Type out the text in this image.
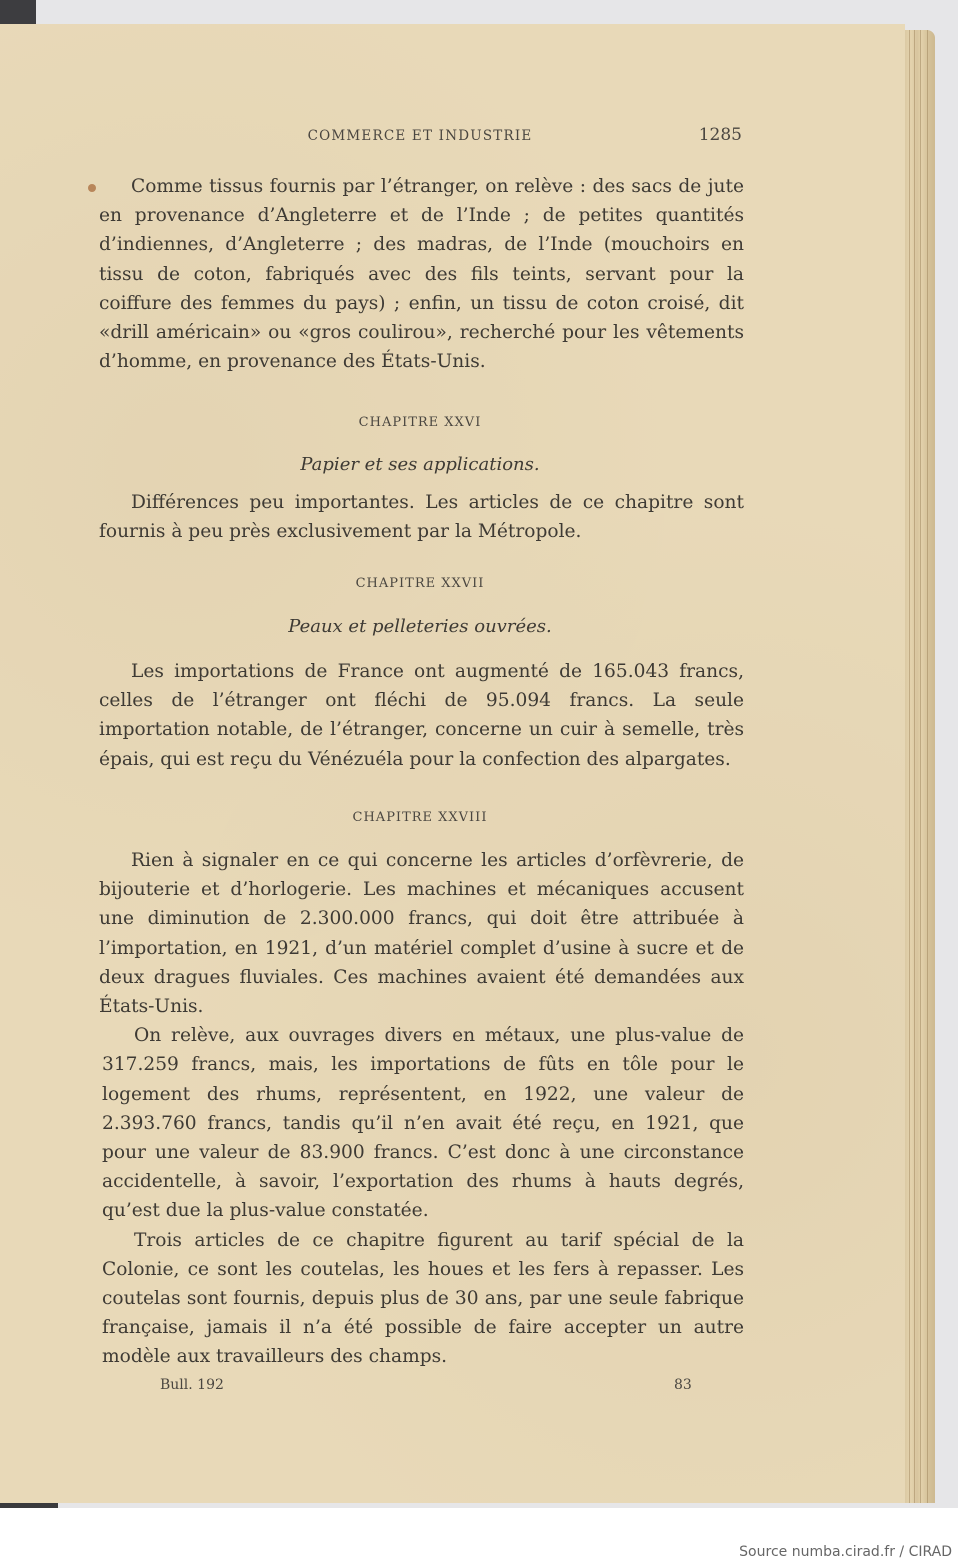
COMMERCE ET INDUSTRIE	1285

Comme tissus fournis par l’étranger, on relève : des sacs de jute en provenance d’Angleterre et de l’Inde ; de petites quantités d’indiennes, d’Angleterre ; des madras, de l’Inde (mouchoirs en tissu de coton, fabriqués avec des fils teints, servant pour la coiffure des femmes du pays) ; enfin, un tissu de coton croisé, dit «drill américain» ou «gros coulirou», recherché pour les vêtements d’homme, en provenance des États-Unis.

CHAPITRE XXVI
Papier et ses applications.

Différences peu importantes. Les articles de ce chapitre sont fournis à peu près exclusivement par la Métropole.

CHAPITRE XXVII
Peaux et pelleteries ouvrées.

Les importations de France ont augmenté de 165.043 francs, celles de l’étranger ont fléchi de 95.094 francs. La seule importation notable, de l’étranger, concerne un cuir à semelle, très épais, qui est reçu du Vénézuéla pour la confection des alpargates.

CHAPITRE XXVIII

Rien à signaler en ce qui concerne les articles d’orfèvrerie, de bijouterie et d’horlogerie. Les machines et mécaniques accusent une diminution de 2.300.000 francs, qui doit être attribuée à l’importation, en 1921, d’un matériel complet d’usine à sucre et de deux dragues fluviales. Ces machines avaient été demandées aux États-Unis.

On relève, aux ouvrages divers en métaux, une plus-value de 317.259 francs, mais, les importations de fûts en tôle pour le logement des rhums, représentent, en 1922, une valeur de 2.393.760 francs, tandis qu’il n’en avait été reçu, en 1921, que pour une valeur de 83.900 francs. C’est donc à une circonstance accidentelle, à savoir, l’exportation des rhums à hauts degrés, qu’est due la plus-value constatée.

Trois articles de ce chapitre figurent au tarif spécial de la Colonie, ce sont les coutelas, les houes et les fers à repasser. Les coutelas sont fournis, depuis plus de 30 ans, par une seule fabrique française, jamais il n’a été possible de faire accepter un autre modèle aux travailleurs des champs.

Bull. 192	83
Source numba.cirad.fr / CIRAD
